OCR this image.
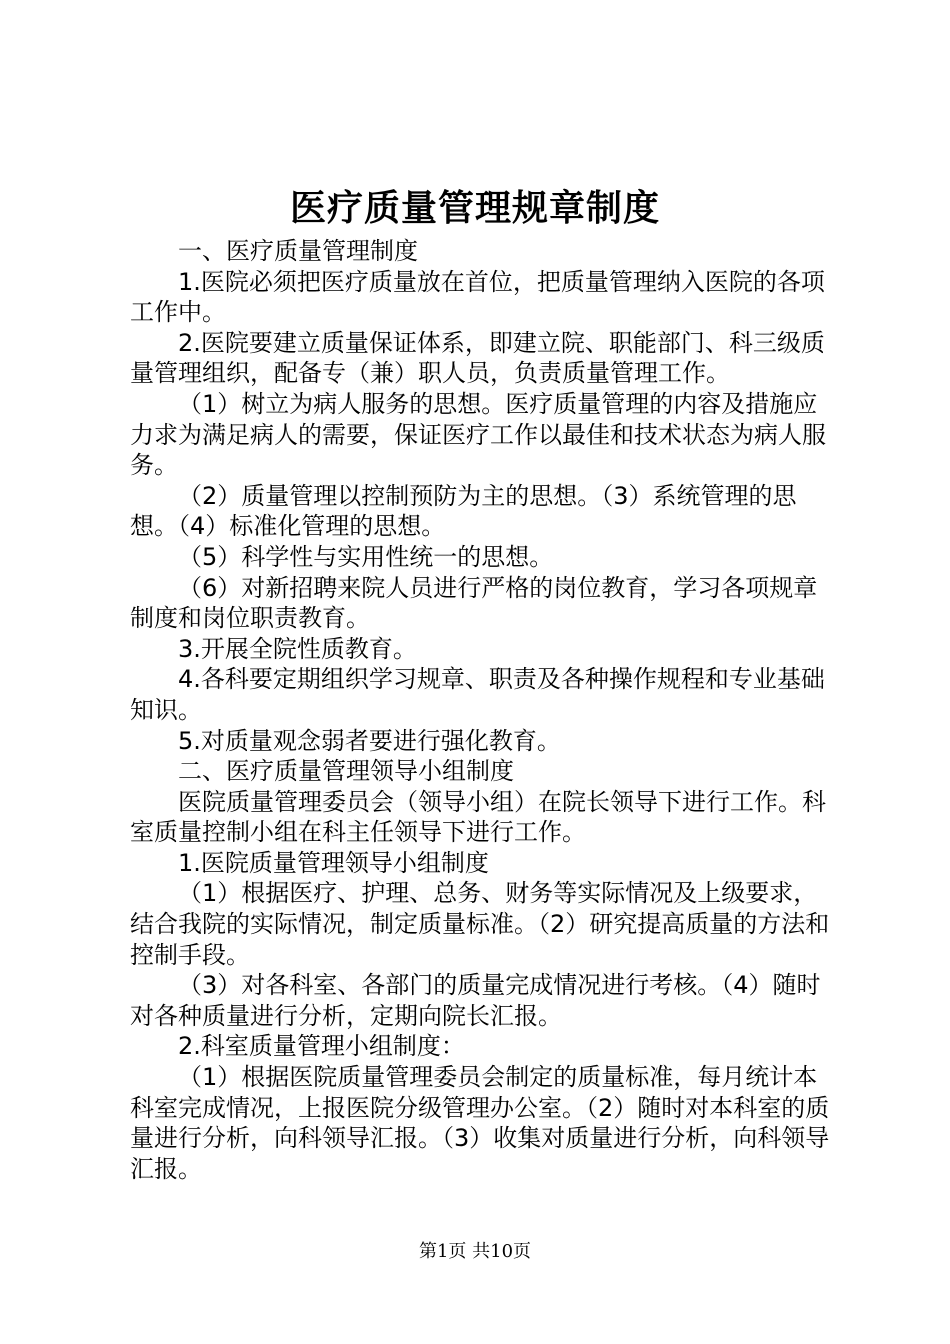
医疗质量管理规章制度

一、医疗质量管理制度

1.医院必须把医疗质量放在首位，把质量管理纳入医院的各项工作中。

2.医院要建立质量保证体系，即建立院、职能部门、科三级质量管理组织，配备专（兼）职人员，负责质量管理工作。

（1）树立为病人服务的思想。医疗质量管理的内容及措施应力求为满足病人的需要，保证医疗工作以最佳和技术状态为病人服务。

（2）质量管理以控制预防为主的思想。（3）系统管理的思想。（4）标准化管理的思想。

（5）科学性与实用性统一的思想。

（6）对新招聘来院人员进行严格的岗位教育，学习各项规章制度和岗位职责教育。

3.开展全院性质教育。

4.各科要定期组织学习规章、职责及各种操作规程和专业基础知识。

5.对质量观念弱者要进行强化教育。

二、医疗质量管理领导小组制度

医院质量管理委员会（领导小组）在院长领导下进行工作。科室质量控制小组在科主任领导下进行工作。

1.医院质量管理领导小组制度

（1）根据医疗、护理、总务、财务等实际情况及上级要求，结合我院的实际情况，制定质量标准。（2）研究提高质量的方法和控制手段。

（3）对各科室、各部门的质量完成情况进行考核。（4）随时对各种质量进行分析，定期向院长汇报。

2.科室质量管理小组制度：

（1）根据医院质量管理委员会制定的质量标准，每月统计本科室完成情况，上报医院分级管理办公室。（2）随时对本科室的质量进行分析，向科领导汇报。（3）收集对质量进行分析，向科领导汇报。

第1页 共10页
